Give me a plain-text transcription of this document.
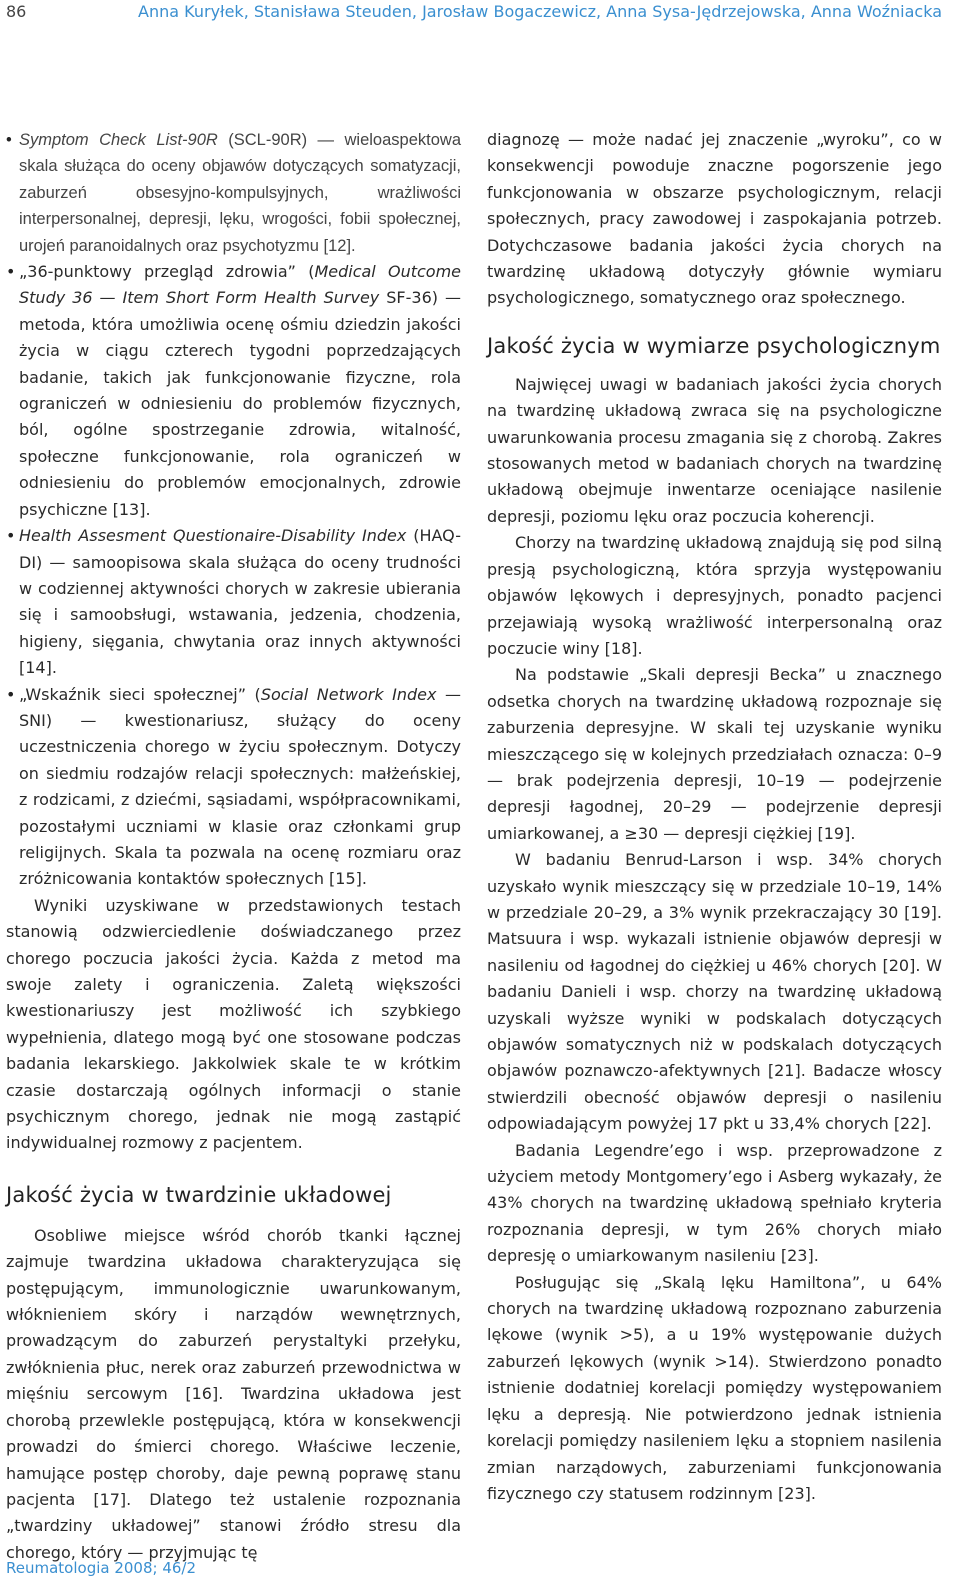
86	Anna Kuryłek, Stanisława Steuden, Jarosław Bogaczewicz, Anna Sysa-Jędrzejowska, Anna Woźniacka
• Symptom Check List-90R (SCL-90R) — wieloaspektowa skala służąca do oceny objawów dotyczących somatyzacji, zaburzeń obsesyjno-kompulsyjnych, wrażliwości interpersonalnej, depresji, lęku, wrogości, fobii społecznej, urojeń paranoidalnych oraz psychotyzmu [12].
• „36-punktowy przegląd zdrowia” (Medical Outcome Study 36 — Item Short Form Health Survey SF-36) — metoda, która umożliwia ocenę ośmiu dziedzin jakości życia w ciągu czterech tygodni poprzedzających badanie, takich jak funkcjonowanie fizyczne, rola ograniczeń w odniesieniu do problemów fizycznych, ból, ogólne spostrzeganie zdrowia, witalność, społeczne funkcjonowanie, rola ograniczeń w odniesieniu do problemów emocjonalnych, zdrowie psychiczne [13].
• Health Assesment Questionaire-Disability Index (HAQ-DI) — samoopisowa skala służąca do oceny trudności w codziennej aktywności chorych w zakresie ubierania się i samoobsługi, wstawania, jedzenia, chodzenia, higieny, sięgania, chwytania oraz innych aktywności [14].
• „Wskaźnik sieci społecznej” (Social Network Index — SNI) — kwestionariusz, służący do oceny uczestniczenia chorego w życiu społecznym. Dotyczy on siedmiu rodzajów relacji społecznych: małżeńskiej, z rodzicami, z dziećmi, sąsiadami, współpracownikami, pozostałymi uczniami w klasie oraz członkami grup religijnych. Skala ta pozwala na ocenę rozmiaru oraz zróżnicowania kontaktów społecznych [15].

Wyniki uzyskiwane w przedstawionych testach stanowią odzwierciedlenie doświadczanego przez chorego poczucia jakości życia. Każda z metod ma swoje zalety i ograniczenia. Zaletą większości kwestionariuszy jest możliwość ich szybkiego wypełnienia, dlatego mogą być one stosowane podczas badania lekarskiego. Jakkolwiek skale te w krótkim czasie dostarczają ogólnych informacji o stanie psychicznym chorego, jednak nie mogą zastąpić indywidualnej rozmowy z pacjentem.

Jakość życia w twardzinie układowej

Osobliwe miejsce wśród chorób tkanki łącznej zajmuje twardzina układowa charakteryzująca się postępującym, immunologicznie uwarunkowanym, włóknieniem skóry i narządów wewnętrznych, prowadzącym do zaburzeń perystaltyki przełyku, zwłóknienia płuc, nerek oraz zaburzeń przewodnictwa w mięśniu sercowym [16]. Twardzina układowa jest chorobą przewlekle postępującą, która w konsekwencji prowadzi do śmierci chorego. Właściwe leczenie, hamujące postęp choroby, daje pewną poprawę stanu pacjenta [17]. Dlatego też ustalenie rozpoznania „twardziny układowej” stanowi źródło stresu dla chorego, który — przyjmując tę

diagnozę — może nadać jej znaczenie „wyroku”, co w konsekwencji powoduje znaczne pogorszenie jego funkcjonowania w obszarze psychologicznym, relacji społecznych, pracy zawodowej i zaspokajania potrzeb. Dotychczasowe badania jakości życia chorych na twardzinę układową dotyczyły głównie wymiaru psychologicznego, somatycznego oraz społecznego.

Jakość życia w wymiarze psychologicznym

Najwięcej uwagi w badaniach jakości życia chorych na twardzinę układową zwraca się na psychologiczne uwarunkowania procesu zmagania się z chorobą. Zakres stosowanych metod w badaniach chorych na twardzinę układową obejmuje inwentarze oceniające nasilenie depresji, poziomu lęku oraz poczucia koherencji.

Chorzy na twardzinę układową znajdują się pod silną presją psychologiczną, która sprzyja występowaniu objawów lękowych i depresyjnych, ponadto pacjenci przejawiają wysoką wrażliwość interpersonalną oraz poczucie winy [18].

Na podstawie „Skali depresji Becka” u znacznego odsetka chorych na twardzinę układową rozpoznaje się zaburzenia depresyjne. W skali tej uzyskanie wyniku mieszczącego się w kolejnych przedziałach oznacza: 0–9 — brak podejrzenia depresji, 10–19 — podejrzenie depresji łagodnej, 20–29 — podejrzenie depresji umiarkowanej, a ≥30 — depresji ciężkiej [19].

W badaniu Benrud-Larson i wsp. 34% chorych uzyskało wynik mieszczący się w przedziale 10–19, 14% w przedziale 20–29, a 3% wynik przekraczający 30 [19]. Matsuura i wsp. wykazali istnienie objawów depresji w nasileniu od łagodnej do ciężkiej u 46% chorych [20]. W badaniu Danieli i wsp. chorzy na twardzinę układową uzyskali wyższe wyniki w podskalach dotyczących objawów somatycznych niż w podskalach dotyczących objawów poznawczo-afektywnych [21]. Badacze włoscy stwierdzili obecność objawów depresji o nasileniu odpowiadającym powyżej 17 pkt u 33,4% chorych [22].

Badania Legendre’ego i wsp. przeprowadzone z użyciem metody Montgomery’ego i Asberg wykazały, że 43% chorych na twardzinę układową spełniało kryteria rozpoznania depresji, w tym 26% chorych miało depresję o umiarkowanym nasileniu [23].

Posługując się „Skalą lęku Hamiltona”, u 64% chorych na twardzinę układową rozpoznano zaburzenia lękowe (wynik >5), a u 19% występowanie dużych zaburzeń lękowych (wynik >14). Stwierdzono ponadto istnienie dodatniej korelacji pomiędzy występowaniem lęku a depresją. Nie potwierdzono jednak istnienia korelacji pomiędzy nasileniem lęku a stopniem nasilenia zmian narządowych, zaburzeniami funkcjonowania fizycznego czy statusem rodzinnym [23].

Reumatologia 2008; 46/2
